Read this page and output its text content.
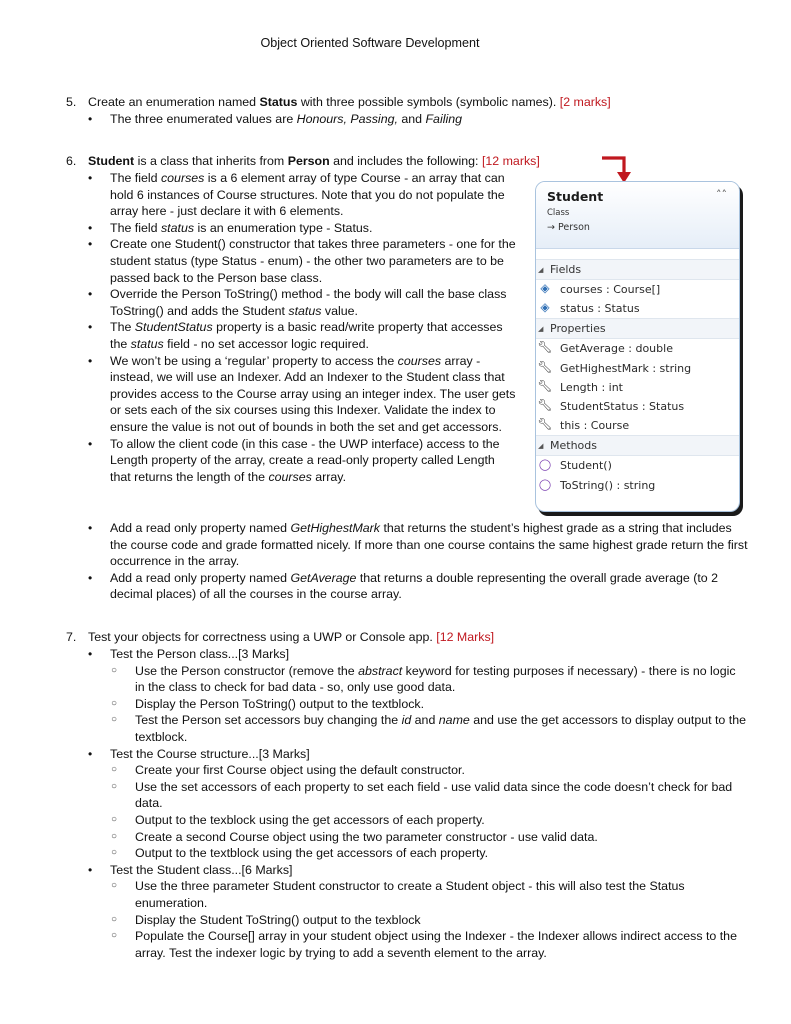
Object Oriented Software Development
5. Create an enumeration named Status with three possible symbols (symbolic names). [2 marks]
• The three enumerated values are Honours, Passing, and Failing
6. Student is a class that inherits from Person and includes the following: [12 marks]
• The field courses is a 6 element array of type Course - an array that can hold 6 instances of Course structures. Note that you do not populate the array here - just declare it with 6 elements.
• The field status is an enumeration type - Status.
• Create one Student() constructor that takes three parameters - one for the student status (type Status - enum) - the other two parameters are to be passed back to the Person base class.
• Override the Person ToString() method - the body will call the base class ToString() and adds the Student status value.
• The StudentStatus property is a basic read/write property that accesses the status field - no set accessor logic required.
• We won’t be using a ‘regular’ property to access the courses array - instead, we will use an Indexer. Add an Indexer to the Student class that provides access to the Course array using an integer index. The user gets or sets each of the six courses using this Indexer. Validate the index to ensure the value is not out of bounds in both the set and get accessors.
• To allow the client code (in this case - the UWP interface) access to the Length property of the array, create a read-only property called Length that returns the length of the courses array.
• Add a read only property named GetHighestMark that returns the student’s highest grade as a string that includes the course code and grade formatted nicely. If more than one course contains the same highest grade return the first occurrence in the array.
• Add a read only property named GetAverage that returns a double representing the overall grade average (to 2 decimal places) of all the courses in the course array.
Student
Class
→ Person
˄˄
◢ Fields
◈ courses : Course[]
◈ status : Status
◢ Properties
🔧︎ GetAverage : double
🔧︎ GetHighestMark : string
🔧︎ Length : int
🔧︎ StudentStatus : Status
🔧︎ this : Course
◢ Methods
◯ Student()
◯ ToString() : string
7. Test your objects for correctness using a UWP or Console app. [12 Marks]
• Test the Person class...[3 Marks]
○ Use the Person constructor (remove the abstract keyword for testing purposes if necessary) - there is no logic in the class to check for bad data - so, only use good data.
○ Display the Person ToString() output to the textblock.
○ Test the Person set accessors buy changing the id and name and use the get accessors to display output to the textblock.
• Test the Course structure...[3 Marks]
○ Create your first Course object using the default constructor.
○ Use the set accessors of each property to set each field - use valid data since the code doesn’t check for bad data.
○ Output to the texblock using the get accessors of each property.
○ Create a second Course object using the two parameter constructor - use valid data.
○ Output to the textblock using the get accessors of each property.
• Test the Student class...[6 Marks]
○ Use the three parameter Student constructor to create a Student object - this will also test the Status enumeration.
○ Display the Student ToString() output to the texblock
○ Populate the Course[] array in your student object using the Indexer - the Indexer allows indirect access to the array. Test the indexer logic by trying to add a seventh element to the array.
